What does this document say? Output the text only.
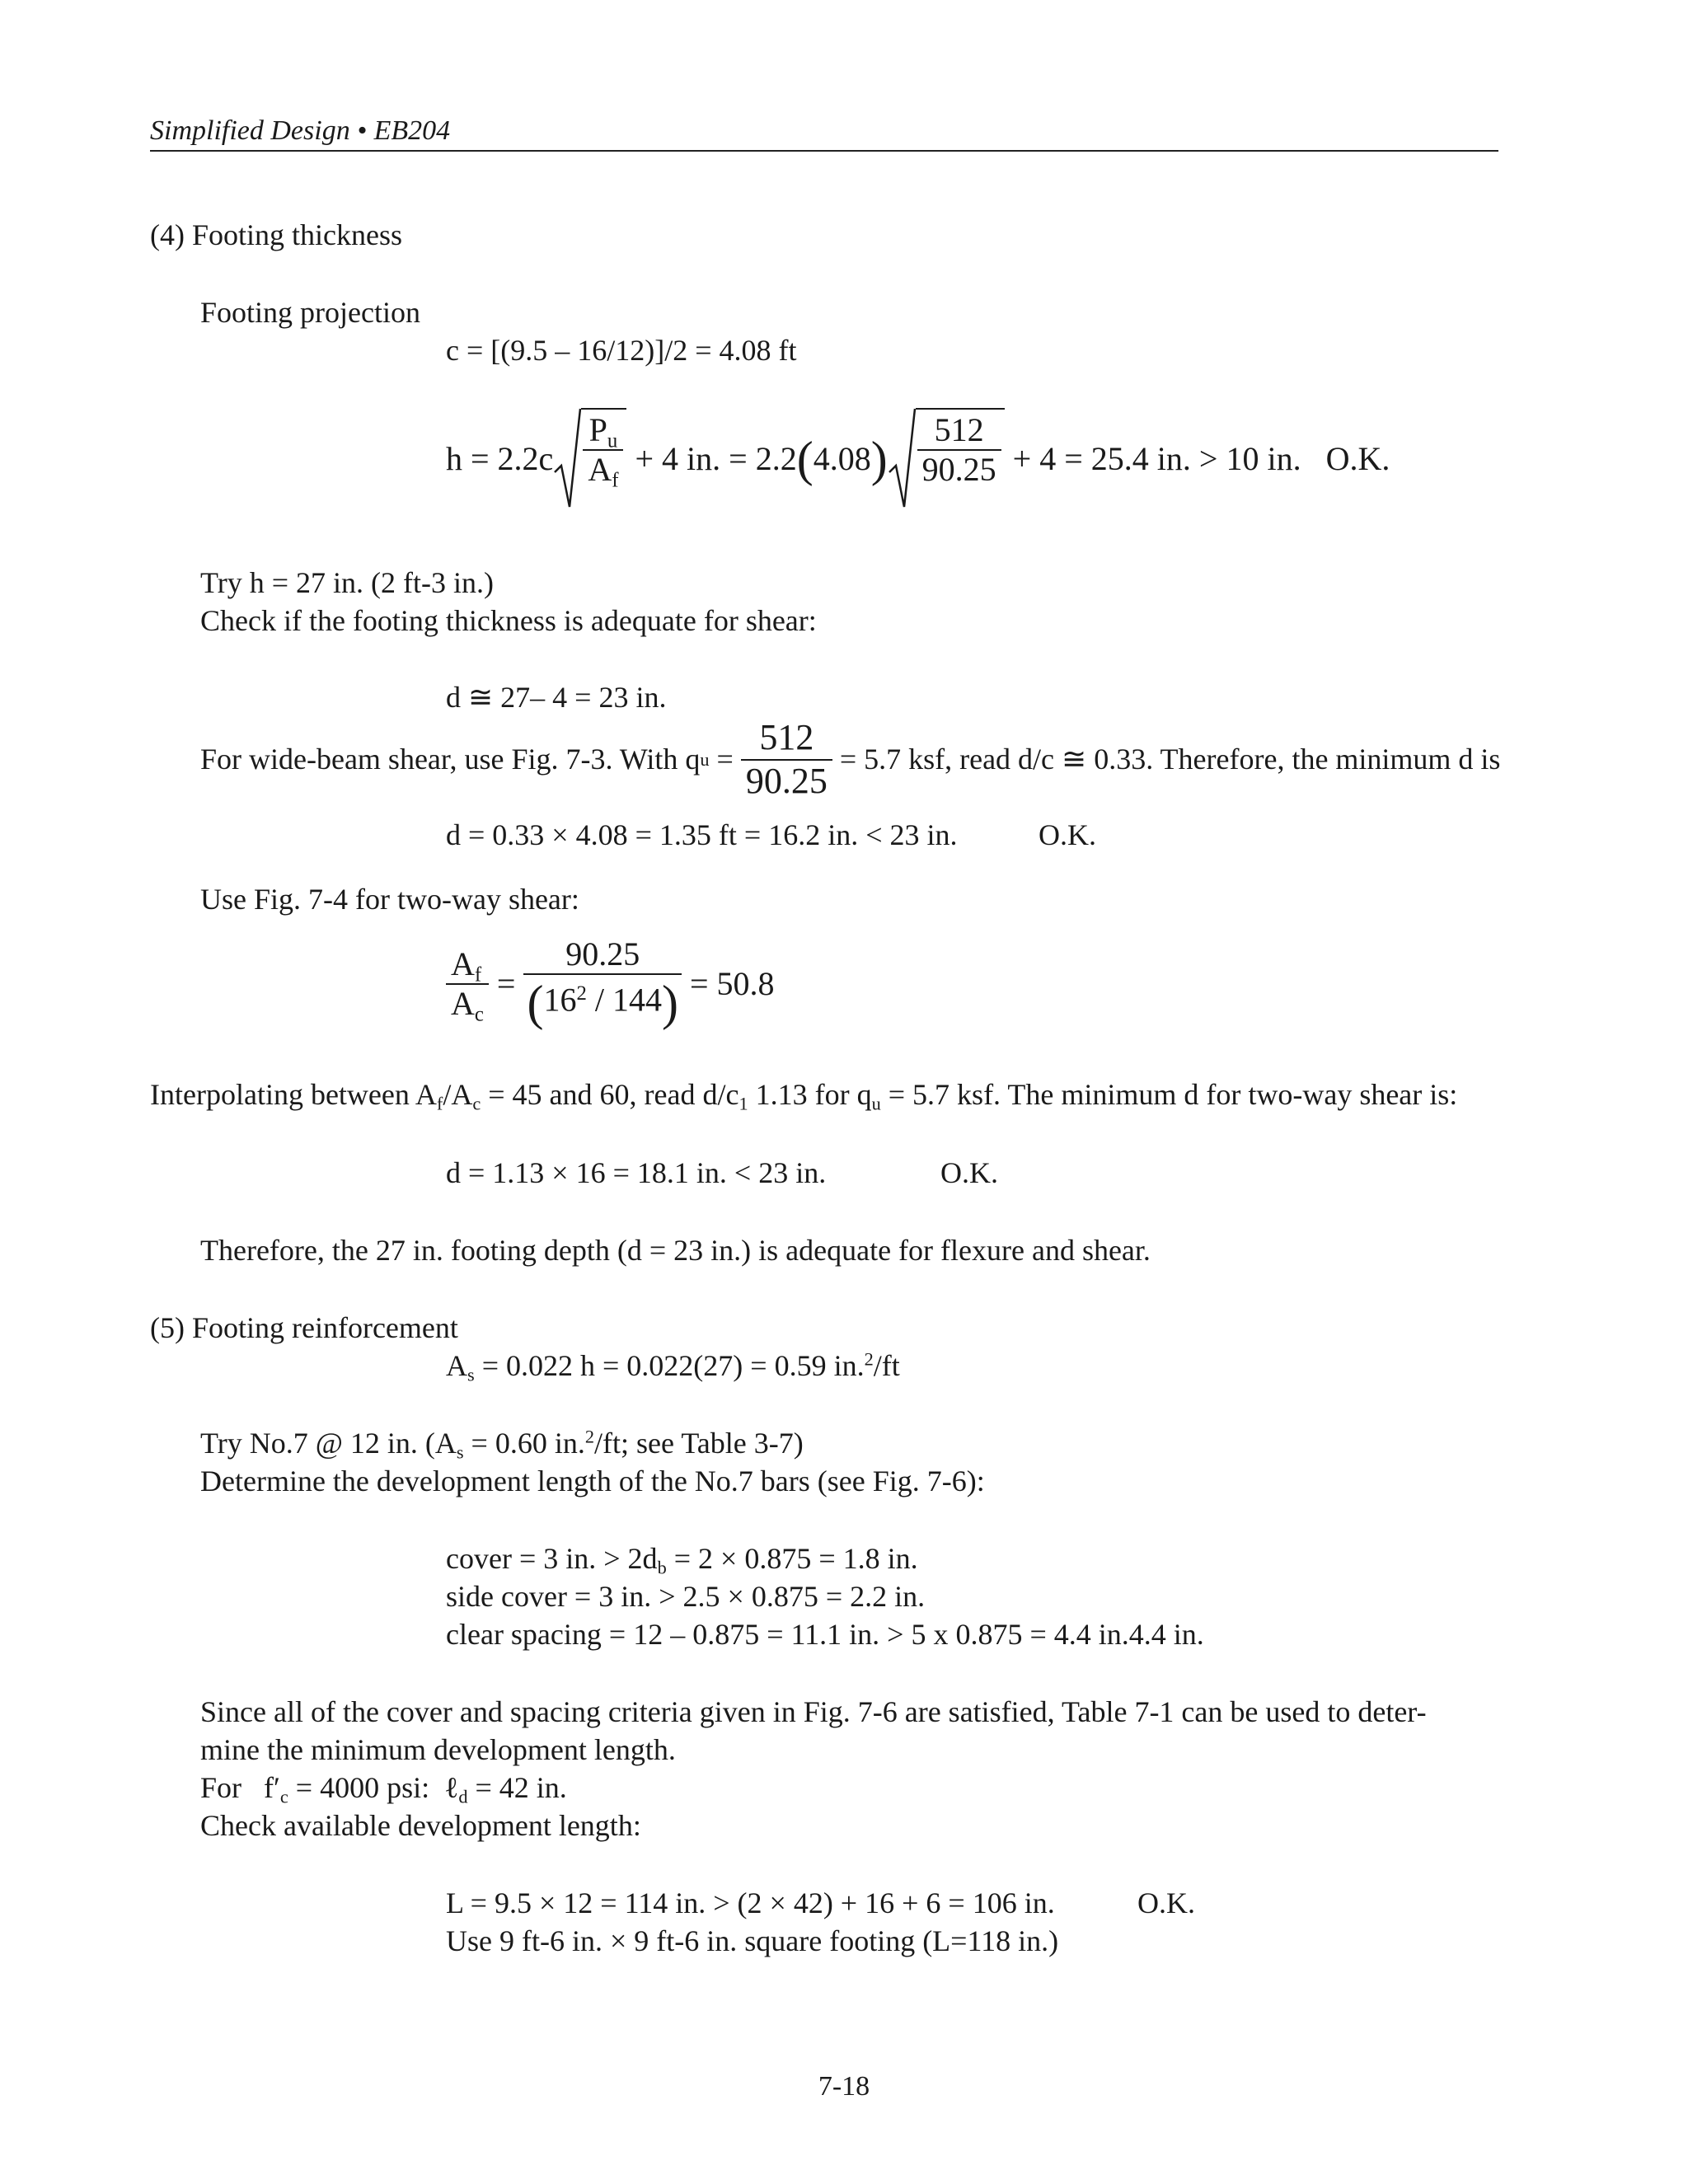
Simplified Design • EB204
(4) Footing thickness
Footing projection
c = [(9.5 – 16/12)]/2 = 4.08 ft
$h = 2.2c \frac{P_u}{A_f} + 4$ in. = 2.2 ( 4.08 ) $\frac{512}{90.25} + 4 = 25.4$ in. > 10 in.   O.K.
Try h = 27 in. (2 ft-3 in.)
Check if the footing thickness is adequate for shear:
d ≅ 27– 4 = 23 in.
For wide-beam shear, use Fig. 7-3. With q $u = \frac{512}{90.25} = 5.7$ ksf, read d/c ≅ 0.33. Therefore, the minimum d is
d = 0.33 × 4.08 = 1.35 ft = 16.2 in. < 23 in.	O.K.
Use Fig. 7-4 for two-way shear:
$\frac{A_f}{A_c} = \frac{90.25}{(16^2 / 144)} = 50.8$
Interpolating between $A_f/A_c = 45$ and 60, read $d/c_1$ 1.13 for $q_u = 5.7$ ksf. The minimum d for two-way shear is:
d = 1.13 × 16 = 18.1 in. < 23 in.	O.K.
Therefore, the 27 in. footing depth (d = 23 in.) is adequate for flexure and shear.
(5) Footing reinforcement
$A_s = 0.022$ h = 0.022(27) = 0.59 in.$^2$/ft
Try No.7 @ 12 in. ($A_s = 0.60$ in.$^2$/ft; see Table 3-7)
Determine the development length of the No.7 bars (see Fig. 7-6):
cover = 3 in. > $2d_b = 2 \times 0.875 = 1.8$ in.
side cover = 3 in. > 2.5 × 0.875 = 2.2 in.
clear spacing = 12 – 0.875 = 11.1 in. > 5 x 0.875 = 4.4 in.4.4 in.
Since all of the cover and spacing criteria given in Fig. 7-6 are satisfied, Table 7-1 can be used to deter-
mine the minimum development length.
For   $f'_c = 4000$ psi:  ℓ$_d$ = 42 in.
Check available development length:
L = 9.5 × 12 = 114 in. > (2 × 42) + 16 + 6 = 106 in.	O.K.
Use 9 ft-6 in. × 9 ft-6 in. square footing (L=118 in.)
7-18
